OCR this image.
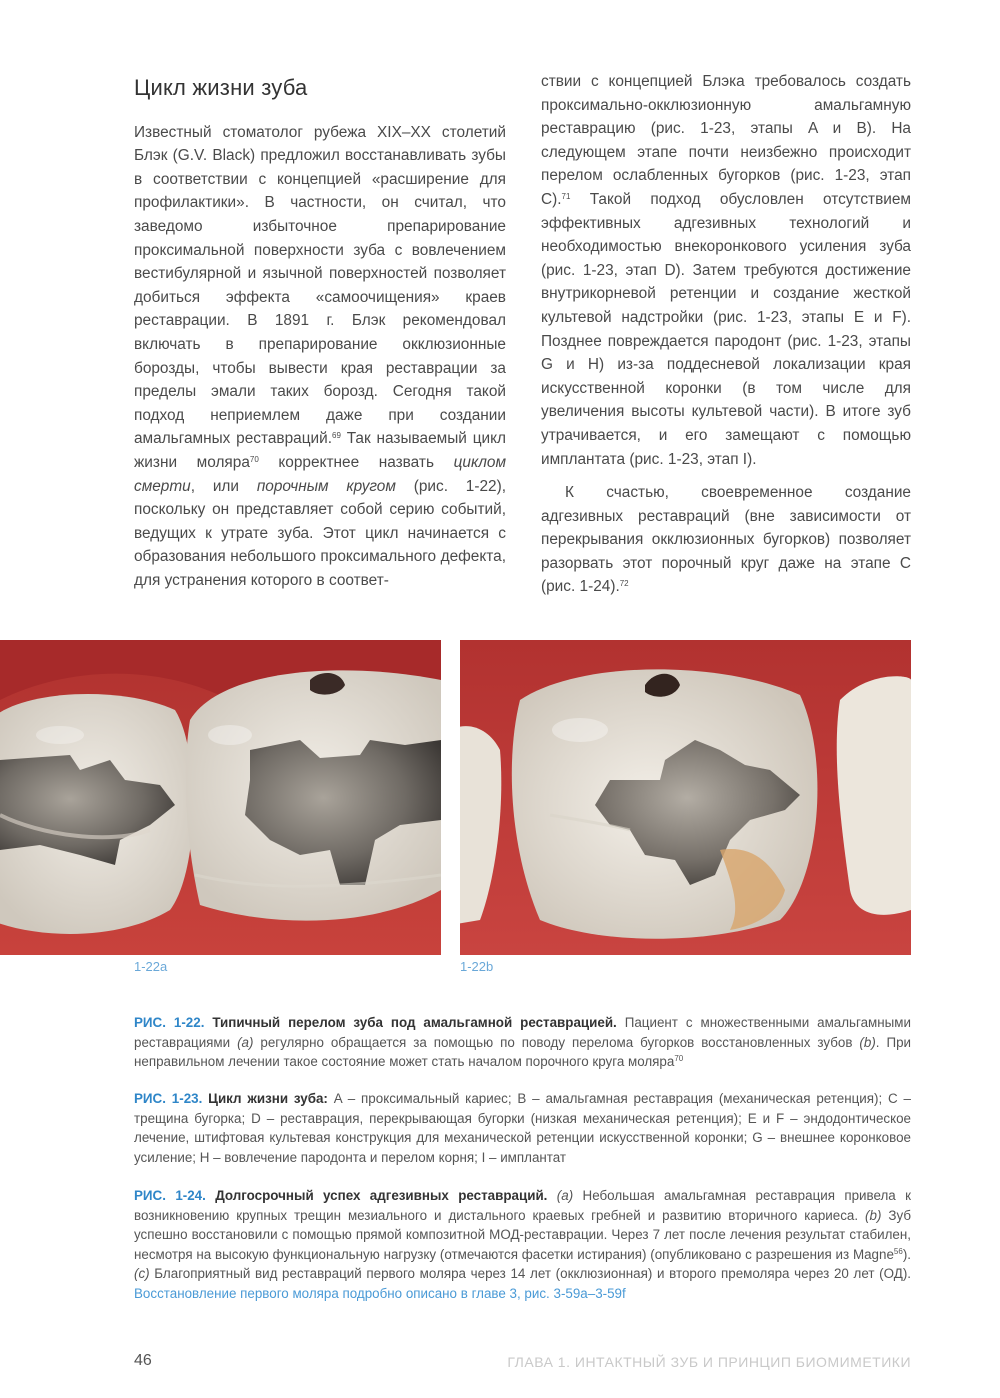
Цикл жизни зуба

Известный стоматолог рубежа XIX–XX столетий Блэк (G.V. Black) предложил восстанавливать зубы в соответствии с концепцией «расширение для профилактики». В частности, он считал, что заведомо избыточное препарирование проксимальной поверхности зуба с вовлечением вестибулярной и язычной поверхностей позволяет добиться эффекта «самоочищения» краев реставрации. В 1891 г. Блэк рекомендовал включать в препарирование окклюзионные борозды, чтобы вывести края реставрации за пределы эмали таких борозд. Сегодня такой подход неприемлем даже при создании амальгамных реставраций.$^{69}$ Так называемый цикл жизни моляра$^{70}$ корректнее назвать циклом смерти, или порочным кругом (рис. 1-22), поскольку он представляет собой серию событий, ведущих к утрате зуба. Этот цикл начинается с образования небольшого проксимального дефекта, для устранения которого в соответ-

ствии с концепцией Блэка требовалось создать проксимально-окклюзионную амальгамную реставрацию (рис. 1-23, этапы A и B). На следующем этапе почти неизбежно происходит перелом ослабленных бугорков (рис. 1-23, этап C).$^{71}$ Такой подход обусловлен отсутствием эффективных адгезивных технологий и необходимостью внекоронкового усиления зуба (рис. 1-23, этап D). Затем требуются достижение внутрикорневой ретенции и создание жесткой культевой надстройки (рис. 1-23, этапы E и F). Позднее повреждается пародонт (рис. 1-23, этапы G и H) из-за поддесневой локализации края искусственной коронки (в том числе для увеличения высоты культевой части). В итоге зуб утрачивается, и его замещают с помощью имплантата (рис. 1-23, этап I).

К счастью, своевременное создание адгезивных реставраций (вне зависимости от перекрывания окклюзионных бугорков) позволяет разорвать этот порочный круг даже на этапе С (рис. 1-24).$^{72}$

1-22a	1-22b
РИС. 1-22. Типичный перелом зуба под амальгамной реставрацией. Пациент с множественными амальгамными реставрациями (a) регулярно обращается за помощью по поводу перелома бугорков восстановленных зубов (b). При неправильном лечении такое состояние может стать началом порочного круга моляра$^{70}$
РИС. 1-23. Цикл жизни зуба: A – проксимальный кариес; B – амальгамная реставрация (механическая ретенция); C – трещина бугорка; D – реставрация, перекрывающая бугорки (низкая механическая ретенция); E и F – эндодонтическое лечение, штифтовая культевая конструкция для механической ретенции искусственной коронки; G – внешнее коронковое усиление; H – вовлечение пародонта и перелом корня; I – имплантат
РИС. 1-24. Долгосрочный успех адгезивных реставраций. (a) Небольшая амальгамная реставрация привела к возникновению крупных трещин мезиального и дистального краевых гребней и развитию вторичного кариеса. (b) Зуб успешно восстановили с помощью прямой композитной МОД-реставрации. Через 7 лет после лечения результат стабилен, несмотря на высокую функциональную нагрузку (отмечаются фасетки истирания) (опубликовано с разрешения из Magne$^{56}$). (c) Благоприятный вид реставраций первого моляра через 14 лет (окклюзионная) и второго премоляра через 20 лет (ОД). Восстановление первого моляра подробно описано в главе 3, рис. 3-59a–3-59f
46	ГЛАВА 1. ИНТАКТНЫЙ ЗУБ И ПРИНЦИП БИОМИМЕТИКИ
